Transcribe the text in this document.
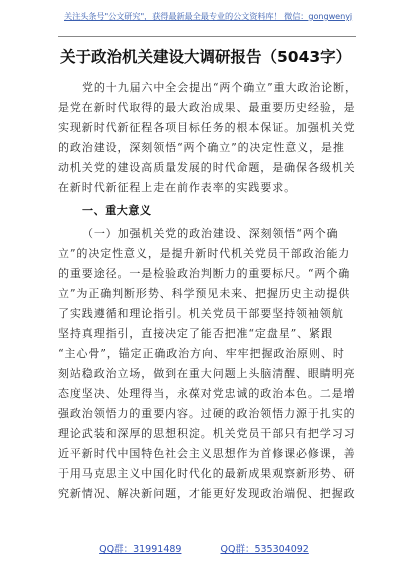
关注头条号"公文研究"，获得最新最全最专业的公文资料库！ 微信：gongwenyj
关于政治机关建设大调研报告（5043字）
党的十九届六中全会提出“两个确立”重大政治论断，
是党在新时代取得的最大政治成果、最重要历史经验，是
实现新时代新征程各项目标任务的根本保证。加强机关党
的政治建设，深刻领悟“两个确立”的决定性意义，是推
动机关党的建设高质量发展的时代命题，是确保各级机关
在新时代新征程上走在前作表率的实践要求。
一、重大意义
（一）加强机关党的政治建设、深刻领悟“两个确
立”的决定性意义，是提升新时代机关党员干部政治能力
的重要途径。一是检验政治判断力的重要标尺。“两个确
立”为正确判断形势、科学预见未来、把握历史主动提供
了实践遵循和理论指引。机关党员干部要坚持领袖领航
坚持真理指引，直接决定了能否把准“定盘星”、紧跟
“主心骨”，锚定正确政治方向、牢牢把握政治原则、时
刻站稳政治立场，做到在重大问题上头脑清醒、眼睛明亮
态度坚决、处理得当，永葆对党忠诚的政治本色。二是增
强政治领悟力的重要内容。过硬的政治领悟力源于扎实的
理论武装和深厚的思想积淀。机关党员干部只有把学习习
近平新时代中国特色社会主义思想作为首修课必修课，善
于用马克思主义中国化时代化的最新成果观察新形势、研
究新情况、解决新问题，才能更好发现政治端倪、把握政
QQ群：31991489	QQ群：535304092
